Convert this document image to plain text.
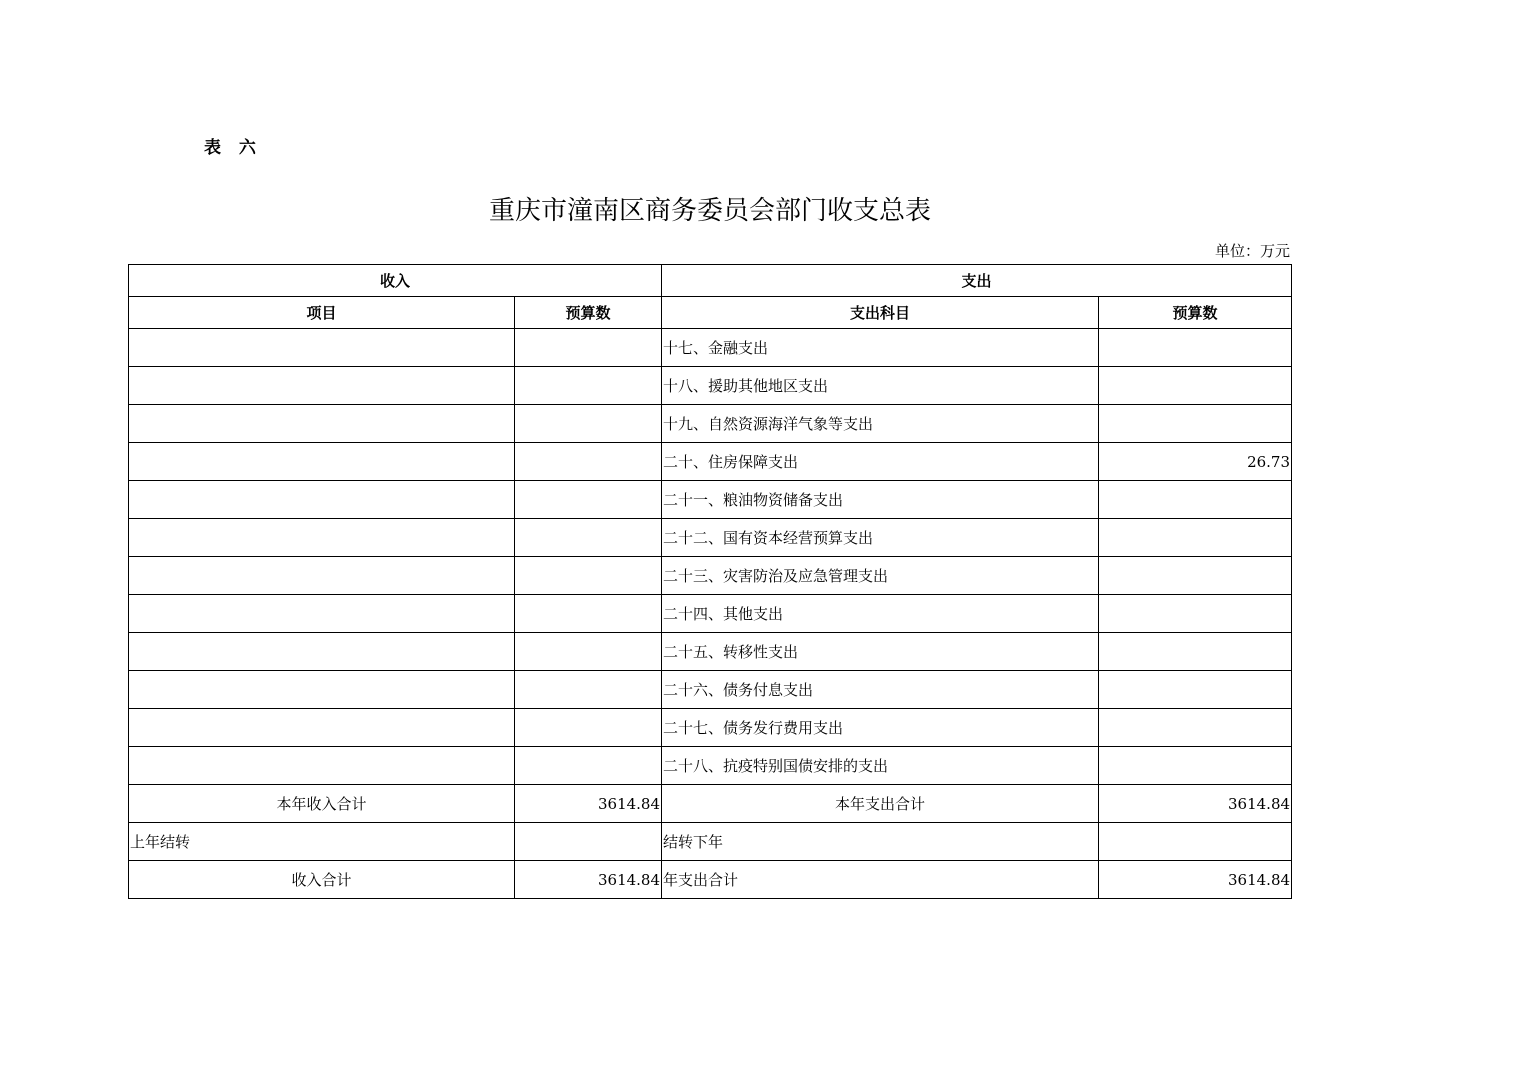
表 六
重庆市潼南区商务委员会部门收支总表
单位：万元
收入		支出	
项目	预算数	支出科目	预算数
		十七、金融支出	
		十八、援助其他地区支出	
		十九、自然资源海洋气象等支出	
		二十、住房保障支出	26.73
		二十一、粮油物资储备支出	
		二十二、国有资本经营预算支出	
		二十三、灾害防治及应急管理支出	
		二十四、其他支出	
		二十五、转移性支出	
		二十六、债务付息支出	
		二十七、债务发行费用支出	
		二十八、抗疫特别国债安排的支出	
本年收入合计	3614.84	本年支出合计	3614.84
上年结转		结转下年	
收入合计	3614.84	年支出合计	3614.84
